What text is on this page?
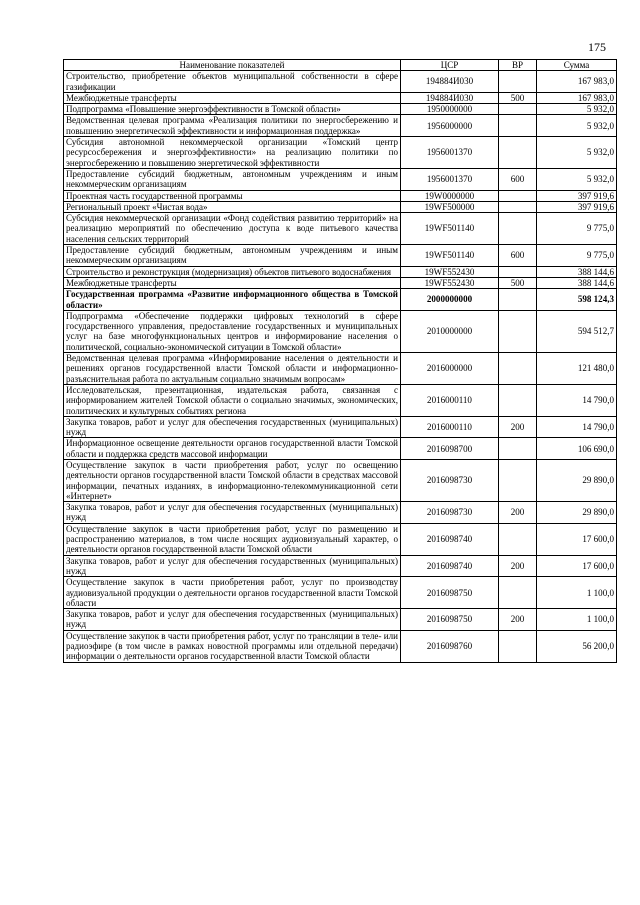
175
Наименование показателей	ЦСР	ВР	Сумма
Строительство, приобретение объектов муниципальной собственности в сфере газификации	194884И030		167 983,0
Межбюджетные трансферты	194884И030	500	167 983,0
Подпрограмма «Повышение энергоэффективности в Томской области»	1950000000		5 932,0
Ведомственная целевая программа «Реализация политики по энергосбережению и повышению энергетической эффективности и информационная поддержка»	1956000000		5 932,0
Субсидия автономной некоммерческой организации «Томский центр ресурсосбережения и энергоэффективности» на реализацию политики по энергосбережению и повышению энергетической эффективности	1956001370		5 932,0
Предоставление субсидий бюджетным, автономным учреждениям и иным некоммерческим организациям	1956001370	600	5 932,0
Проектная часть государственной программы	19W0000000		397 919,6
Региональный проект «Чистая вода»	19WF500000		397 919,6
Субсидия некоммерческой организации «Фонд содействия развитию территорий» на реализацию мероприятий по обеспечению доступа к воде питьевого качества населения сельских территорий	19WF501140		9 775,0
Предоставление субсидий бюджетным, автономным учреждениям и иным некоммерческим организациям	19WF501140	600	9 775,0
Строительство и реконструкция (модернизация) объектов питьевого водоснабжения	19WF552430		388 144,6
Межбюджетные трансферты	19WF552430	500	388 144,6
Государственная программа «Развитие информационного общества в Томской области»	2000000000		598 124,3
Подпрограмма «Обеспечение поддержки цифровых технологий в сфере государственного управления, предоставление государственных и муниципальных услуг на базе многофункциональных центров и информирование населения о политической, социально-экономической ситуации в Томской области»	2010000000		594 512,7
Ведомственная целевая программа «Информирование населения о деятельности и решениях органов государственной власти Томской области и информационно-разъяснительная работа по актуальным социально значимым вопросам»	2016000000		121 480,0
Исследовательская, презентационная, издательская работа, связанная с информированием жителей Томской области о социально значимых, экономических, политических и культурных событиях региона	2016000110		14 790,0
Закупка товаров, работ и услуг для обеспечения государственных (муниципальных) нужд	2016000110	200	14 790,0
Информационное освещение деятельности органов государственной власти Томской области и поддержка средств массовой информации	2016098700		106 690,0
Осуществление закупок в части приобретения работ, услуг по освещению деятельности органов государственной власти Томской области в средствах массовой информации, печатных изданиях, в информационно-телекоммуникационной сети «Интернет»	2016098730		29 890,0
Закупка товаров, работ и услуг для обеспечения государственных (муниципальных) нужд	2016098730	200	29 890,0
Осуществление закупок в части приобретения работ, услуг по размещению и распространению материалов, в том числе носящих аудиовизуальный характер, о деятельности органов государственной власти Томской области	2016098740		17 600,0
Закупка товаров, работ и услуг для обеспечения государственных (муниципальных) нужд	2016098740	200	17 600,0
Осуществление закупок в части приобретения работ, услуг по производству аудиовизуальной продукции о деятельности органов государственной власти Томской области	2016098750		1 100,0
Закупка товаров, работ и услуг для обеспечения государственных (муниципальных) нужд	2016098750	200	1 100,0
Осуществление закупок в части приобретения работ, услуг по трансляции в теле- или радиоэфире (в том числе в рамках новостной программы или отдельной передачи) информации о деятельности органов государственной власти Томской области	2016098760		56 200,0
